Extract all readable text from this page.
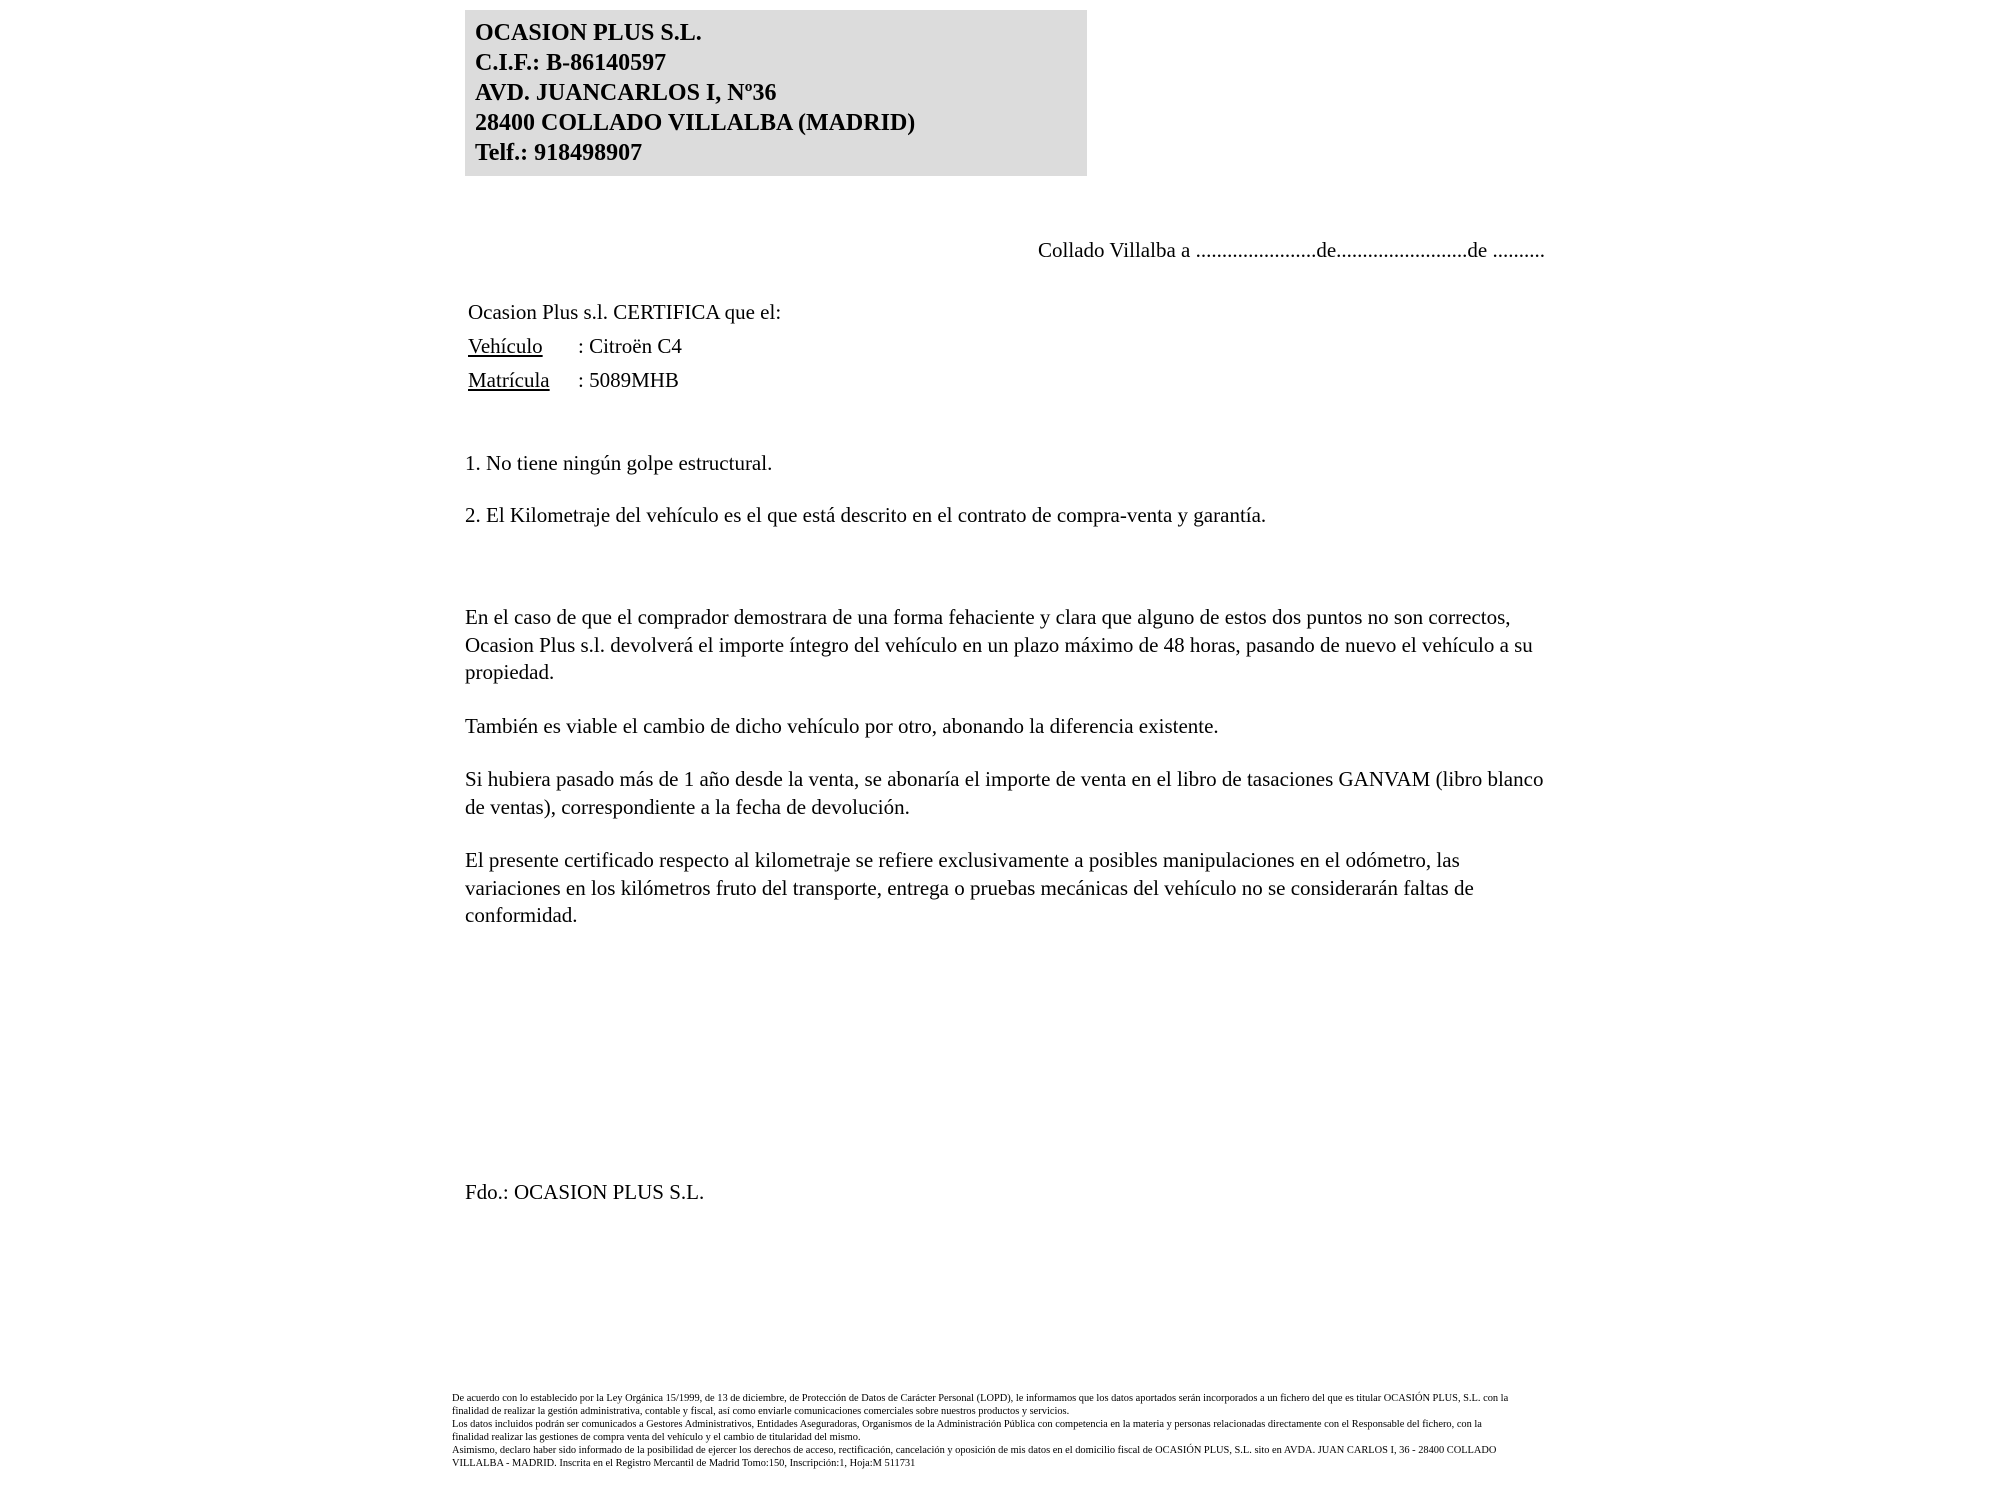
OCASION PLUS S.L.
C.I.F.: B-86140597
AVD. JUANCARLOS I, Nº36
28400 COLLADO VILLALBA (MADRID)
Telf.: 918498907
Collado Villalba a .......................de.........................de ..........
Ocasion Plus s.l. CERTIFICA que el:
Vehículo : Citroën C4
Matrícula : 5089MHB
1. No tiene ningún golpe estructural.
2. El Kilometraje del vehículo es el que está descrito en el contrato de compra-venta y garantía.

En el caso de que el comprador demostrara de una forma fehaciente y clara que alguno de estos dos puntos no son correctos, Ocasion Plus s.l. devolverá el importe íntegro del vehículo en un plazo máximo de 48 horas, pasando de nuevo el vehículo a su propiedad.

También es viable el cambio de dicho vehículo por otro, abonando la diferencia existente.

Si hubiera pasado más de 1 año desde la venta, se abonaría el importe de venta en el libro de tasaciones GANVAM (libro blanco de ventas), correspondiente a la fecha de devolución.

El presente certificado respecto al kilometraje se refiere exclusivamente a posibles manipulaciones en el odómetro, las variaciones en los kilómetros fruto del transporte, entrega o pruebas mecánicas del vehículo no se considerarán faltas de conformidad.

Fdo.: OCASION PLUS S.L.

De acuerdo con lo establecido por la Ley Orgánica 15/1999, de 13 de diciembre, de Protección de Datos de Carácter Personal (LOPD), le informamos que los datos aportados serán incorporados a un fichero del que es titular OCASIÓN PLUS, S.L. con la finalidad de realizar la gestión administrativa, contable y fiscal, así como enviarle comunicaciones comerciales sobre nuestros productos y servicios.

Los datos incluidos podrán ser comunicados a Gestores Administrativos, Entidades Aseguradoras, Organismos de la Administración Pública con competencia en la materia y personas relacionadas directamente con el Responsable del fichero, con la finalidad realizar las gestiones de compra venta del vehículo y el cambio de titularidad del mismo.

Asimismo, declaro haber sido informado de la posibilidad de ejercer los derechos de acceso, rectificación, cancelación y oposición de mis datos en el domicilio fiscal de OCASIÓN PLUS, S.L. sito en AVDA. JUAN CARLOS I, 36 - 28400 COLLADO VILLALBA - MADRID. Inscrita en el Registro Mercantil de Madrid Tomo:150, Inscripción:1, Hoja:M 511731
